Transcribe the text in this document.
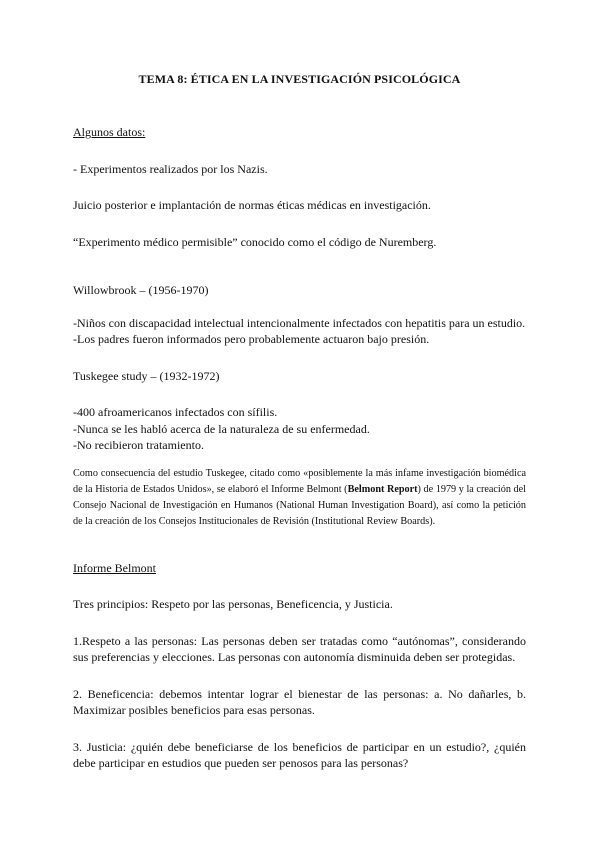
TEMA 8: ÉTICA EN LA INVESTIGACIÓN PSICOLÓGICA

Algunos datos:

- Experimentos realizados por los Nazis.

Juicio posterior e implantación de normas éticas médicas en investigación.

“Experimento médico permisible” conocido como el código de Nuremberg.

Willowbrook – (1956-1970)

-Niños con discapacidad intelectual intencionalmente infectados con hepatitis para un estudio.

-Los padres fueron informados pero probablemente actuaron bajo presión.

Tuskegee study – (1932-1972)

-400 afroamericanos infectados con sífilis.

-Nunca se les habló acerca de la naturaleza de su enfermedad.

-No recibieron tratamiento.

Como consecuencia del estudio Tuskegee, citado como «posiblemente la más infame investigación biomédica de la Historia de Estados Unidos», se elaboró el Informe Belmont (Belmont Report) de 1979 y la creación del Consejo Nacional de Investigación en Humanos (National Human Investigation Board), así como la petición de la creación de los Consejos Institucionales de Revisión (Institutional Review Boards).

Informe Belmont

Tres principios: Respeto por las personas, Beneficencia, y Justicia.

1.Respeto a las personas: Las personas deben ser tratadas como “autónomas”, considerando sus preferencias y elecciones. Las personas con autonomía disminuida deben ser protegidas.

2. Beneficencia: debemos intentar lograr el bienestar de las personas: a. No dañarles, b. Maximizar posibles beneficios para esas personas.

3. Justicia: ¿quién debe beneficiarse de los beneficios de participar en un estudio?, ¿quién debe participar en estudios que pueden ser penosos para las personas?
